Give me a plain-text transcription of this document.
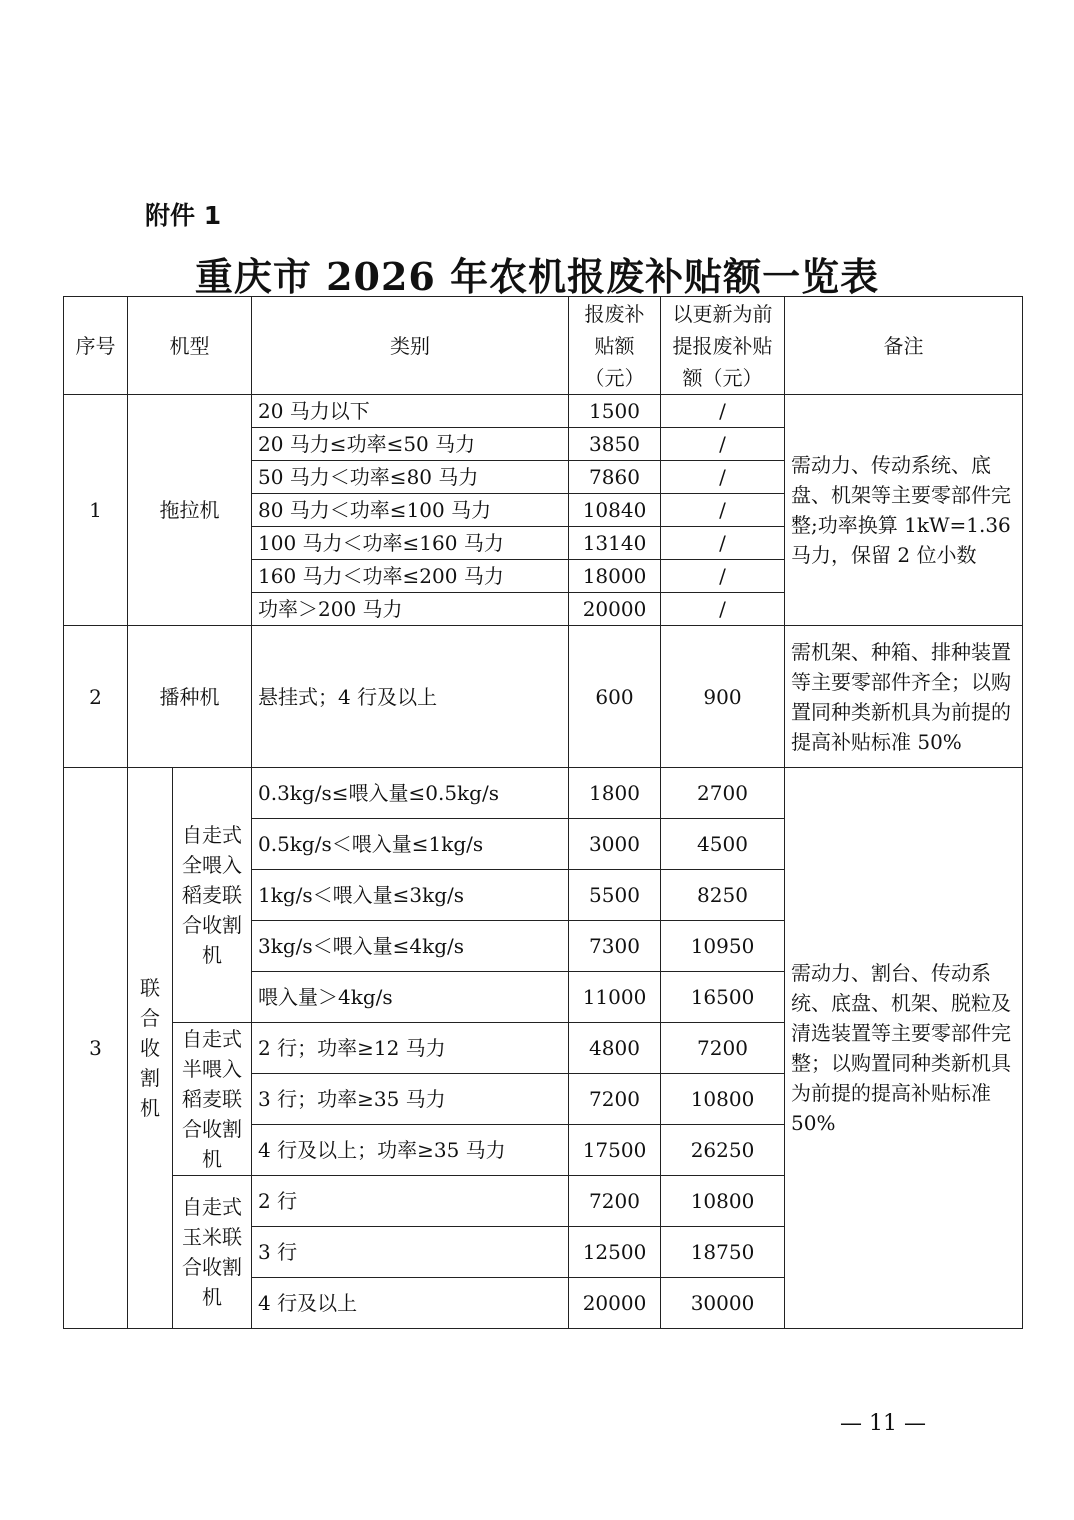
附件 1
重庆市 2026 年农机报废补贴额一览表
序号	机型		类别	报废补贴额（元）	以更新为前提报废补贴额（元）	备注
1	拖拉机		20 马力以下	1500	/	需动力、传动系统、底盘、机架等主要零部件完整;功率换算 1kW=1.36 马力，保留 2 位小数
			20 马力≤功率≤50 马力	3850	/	
			50 马力＜功率≤80 马力	7860	/	
			80 马力＜功率≤100 马力	10840	/	
			100 马力＜功率≤160 马力	13140	/	
			160 马力＜功率≤200 马力	18000	/	
			功率＞200 马力	20000	/	
2	播种机		悬挂式；4 行及以上	600	900	需机架、种箱、排种装置等主要零部件齐全；以购置同种类新机具为前提的提高补贴标准 50%
3	联合收割机	自走式全喂入稻麦联合收割机	0.3kg/s≤喂入量≤0.5kg/s	1800	2700	需动力、割台、传动系统、底盘、机架、脱粒及清选装置等主要零部件完整；以购置同种类新机具为前提的提高补贴标准 50%
			0.5kg/s＜喂入量≤1kg/s	3000	4500	
			1kg/s＜喂入量≤3kg/s	5500	8250	
			3kg/s＜喂入量≤4kg/s	7300	10950	
			喂入量＞4kg/s	11000	16500	

		自走式半喂入稻麦联合收割机	2 行；功率≥12 马力	4800	7200	
			3 行；功率≥35 马力	7200	10800	
			4 行及以上；功率≥35 马力	17500	26250	

		自走式玉米联合收割机	2 行	7200	10800	
			3 行	12500	18750	
			4 行及以上	20000	30000	
— 11 —
